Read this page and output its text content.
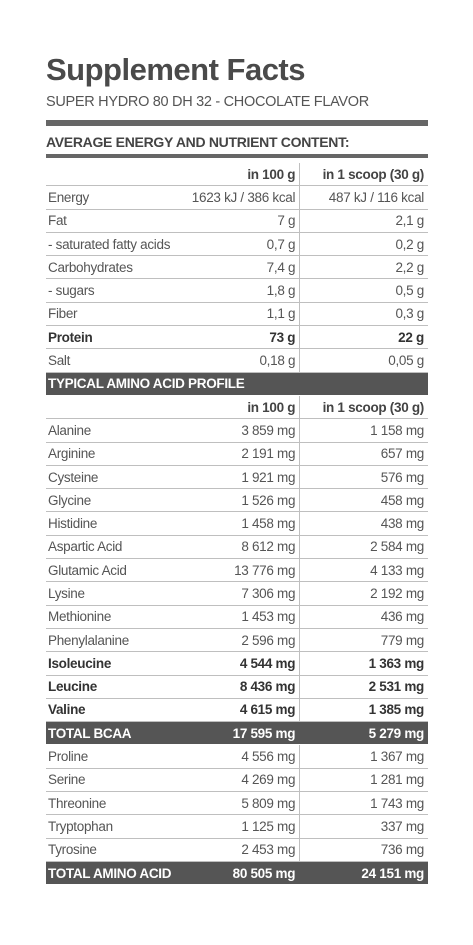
Supplement Facts
SUPER HYDRO 80 DH 32 - CHOCOLATE FLAVOR
AVERAGE ENERGY AND NUTRIENT CONTENT:
	in 100 g	in 1 scoop (30 g)
Energy	1623 kJ / 386 kcal	487 kJ / 116 kcal
Fat	7 g	2,1 g
- saturated fatty acids	0,7 g	0,2 g
Carbohydrates	7,4 g	2,2 g
- sugars	1,8 g	0,5 g
Fiber	1,1 g	0,3 g
Protein	73 g	22 g
Salt	0,18 g	0,05 g
TYPICAL AMINO ACID PROFILE		
	in 100 g	in 1 scoop (30 g)
Alanine	3 859 mg	1 158 mg
Arginine	2 191 mg	657 mg
Cysteine	1 921 mg	576 mg
Glycine	1 526 mg	458 mg
Histidine	1 458 mg	438 mg
Aspartic Acid	8 612 mg	2 584 mg
Glutamic Acid	13 776 mg	4 133 mg
Lysine	7 306 mg	2 192 mg
Methionine	1 453 mg	436 mg
Phenylalanine	2 596 mg	779 mg
Isoleucine	4 544 mg	1 363 mg
Leucine	8 436 mg	2 531 mg
Valine	4 615 mg	1 385 mg
TOTAL BCAA	17 595 mg	5 279 mg
Proline	4 556 mg	1 367 mg
Serine	4 269 mg	1 281 mg
Threonine	5 809 mg	1 743 mg
Tryptophan	1 125 mg	337 mg
Tyrosine	2 453 mg	736 mg
TOTAL AMINO ACID	80 505 mg	24 151 mg
